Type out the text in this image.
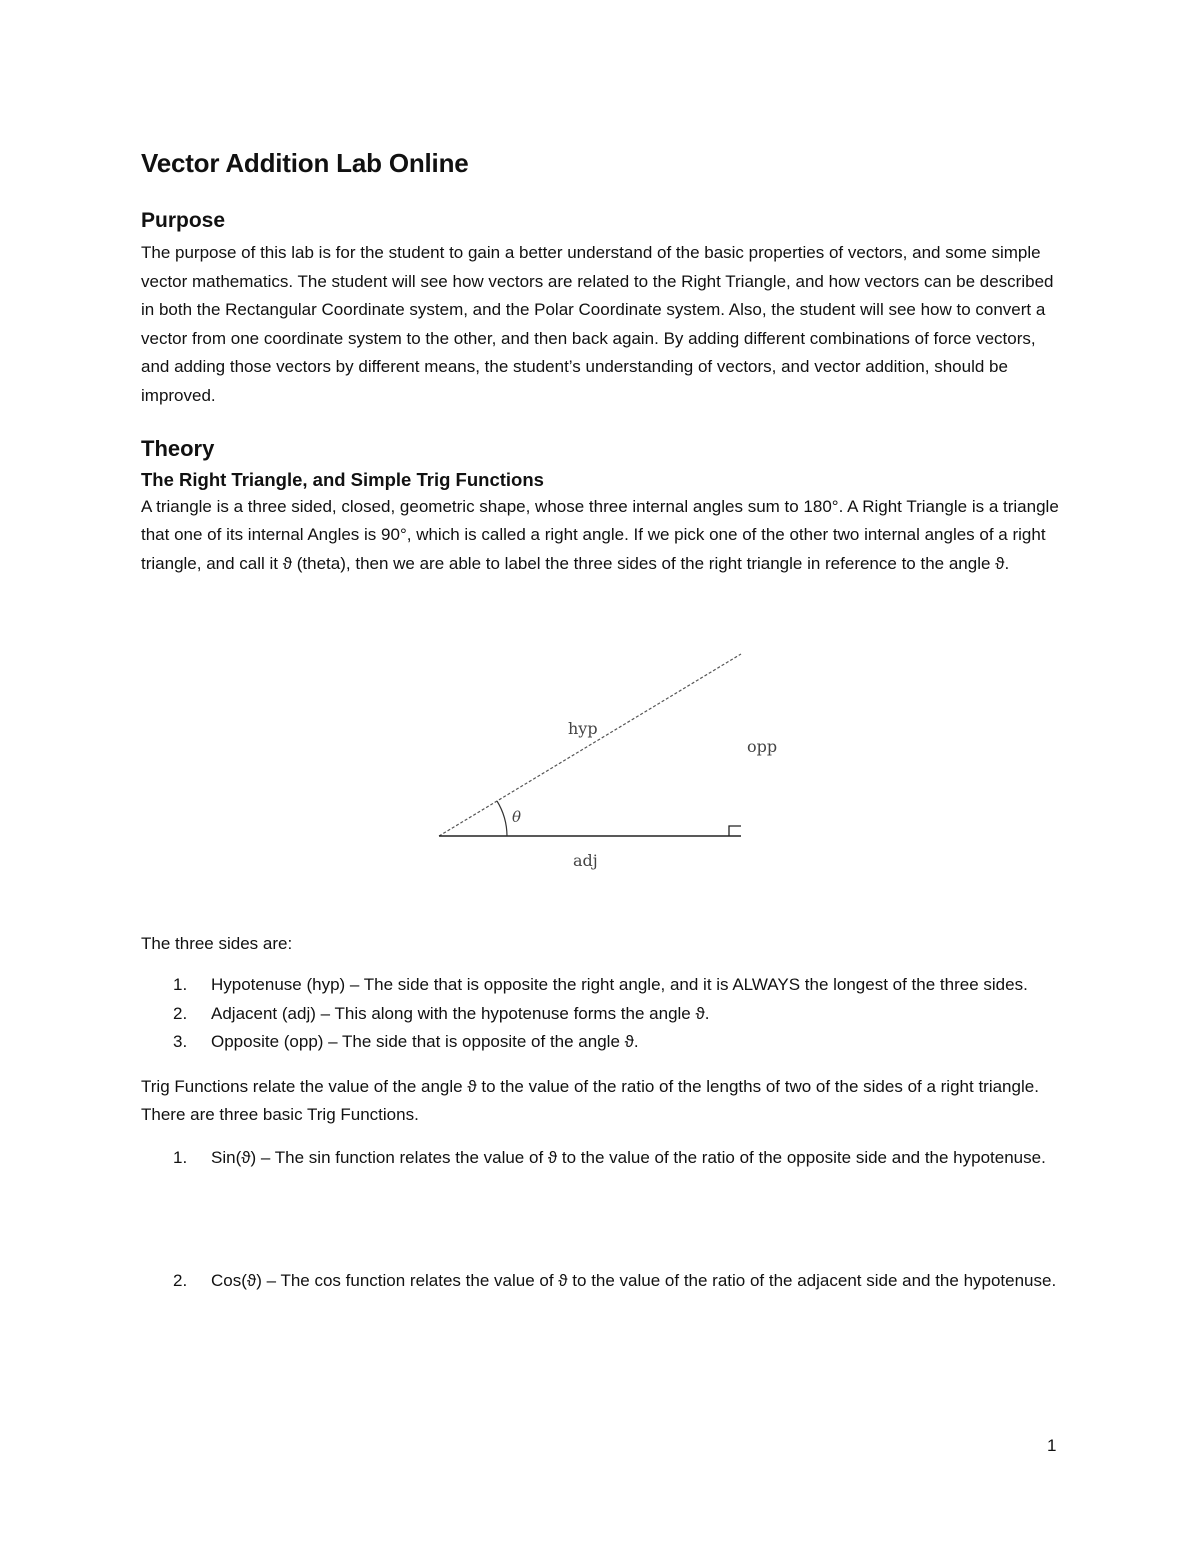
Vector Addition Lab Online
Purpose

The purpose of this lab is for the student to gain a better understand of the basic properties of vectors, and some simple vector mathematics. The student will see how vectors are related to the Right Triangle, and how vectors can be described in both the Rectangular Coordinate system, and the Polar Coordinate system. Also, the student will see how to convert a vector from one coordinate system to the other, and then back again. By adding different combinations of force vectors, and adding those vectors by different means, the student’s understanding of vectors, and vector addition, should be improved.

Theory
The Right Triangle, and Simple Trig Functions

A triangle is a three sided, closed, geometric shape, whose three internal angles sum to 180°. A Right Triangle is a triangle that one of its internal Angles is 90°, which is called a right angle. If we pick one of the other two internal angles of a right triangle, and call it ϑ (theta), then we are able to label the three sides of the right triangle in reference to the angle ϑ.

hyp
opp
adj
θ

The three sides are:

1. Hypotenuse (hyp) – The side that is opposite the right angle, and it is ALWAYS the longest of the three sides.
2. Adjacent (adj) – This along with the hypotenuse forms the angle ϑ.
3. Opposite (opp) – The side that is opposite of the angle ϑ.

Trig Functions relate the value of the angle ϑ to the value of the ratio of the lengths of two of the sides of a right triangle. There are three basic Trig Functions.

1. Sin(ϑ) – The sin function relates the value of ϑ to the value of the ratio of the opposite side and the hypotenuse.
2. Cos(ϑ) – The cos function relates the value of ϑ to the value of the ratio of the adjacent side and the hypotenuse.
1
